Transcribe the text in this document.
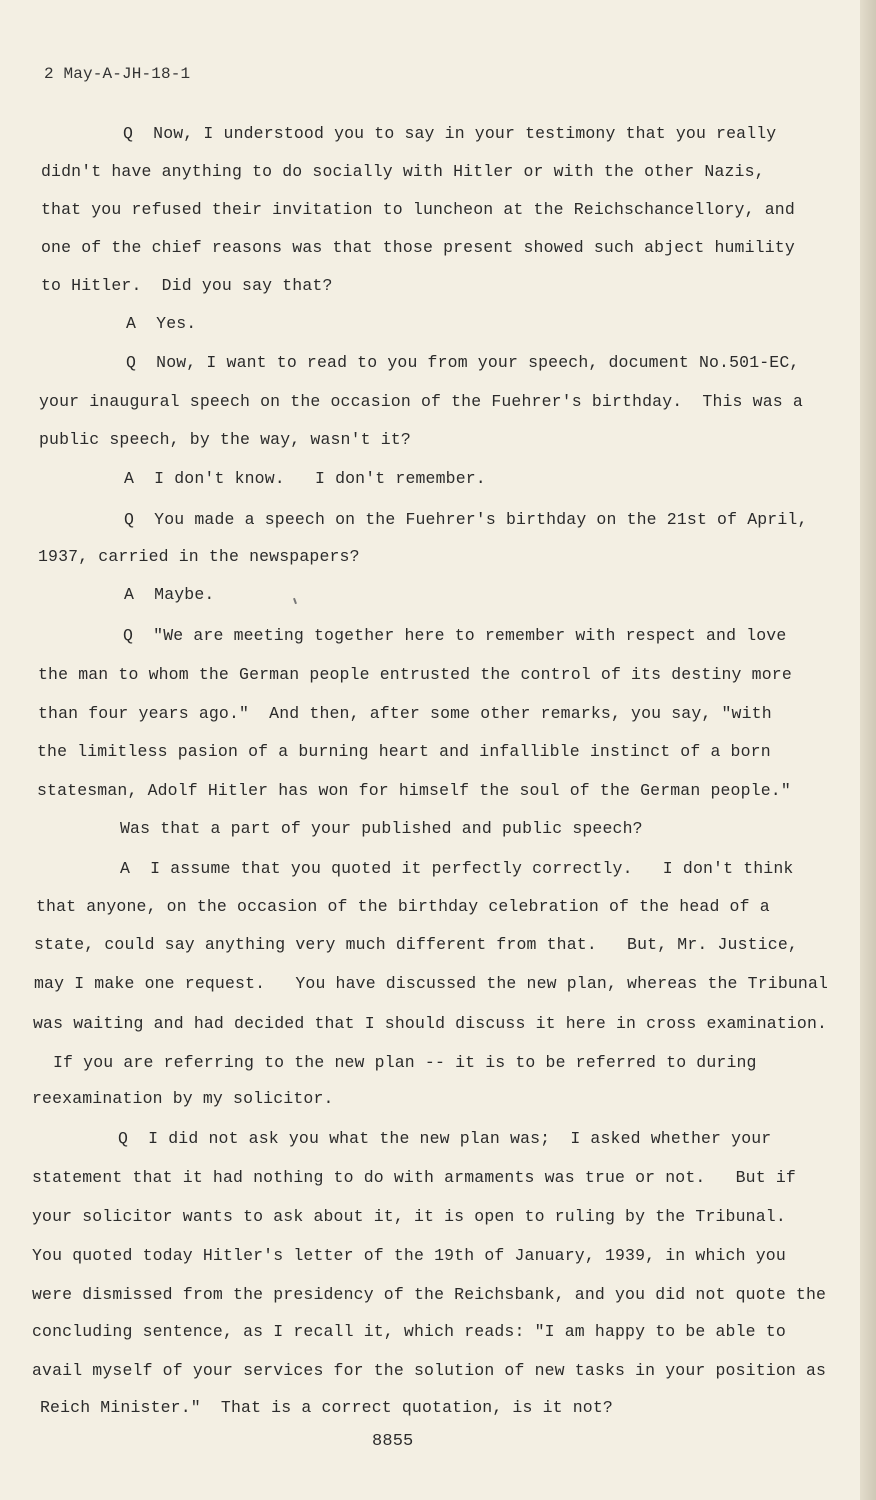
2 May-A-JH-18-1
Q  Now, I understood you to say in your testimony that you really
didn't have anything to do socially with Hitler or with the other Nazis,
that you refused their invitation to luncheon at the Reichschancellory, and
one of the chief reasons was that those present showed such abject humility
to Hitler.  Did you say that?
A  Yes.
Q  Now, I want to read to you from your speech, document No.501-EC,
your inaugural speech on the occasion of the Fuehrer's birthday.  This was a
public speech, by the way, wasn't it?
A  I don't know.   I don't remember.
Q  You made a speech on the Fuehrer's birthday on the 21st of April,
1937, carried in the newspapers?
A  Maybe.
Q  "We are meeting together here to remember with respect and love
the man to whom the German people entrusted the control of its destiny more
than four years ago."  And then, after some other remarks, you say, "with
the limitless pasion of a burning heart and infallible instinct of a born
statesman, Adolf Hitler has won for himself the soul of the German people."
Was that a part of your published and public speech?
A  I assume that you quoted it perfectly correctly.   I don't think
that anyone, on the occasion of the birthday celebration of the head of a
state, could say anything very much different from that.   But, Mr. Justice,
may I make one request.   You have discussed the new plan, whereas the Tribunal
was waiting and had decided that I should discuss it here in cross examination.
If you are referring to the new plan -- it is to be referred to during
reexamination by my solicitor.
Q  I did not ask you what the new plan was;  I asked whether your
statement that it had nothing to do with armaments was true or not.   But if
your solicitor wants to ask about it, it is open to ruling by the Tribunal.
You quoted today Hitler's letter of the 19th of January, 1939, in which you
were dismissed from the presidency of the Reichsbank, and you did not quote the
concluding sentence, as I recall it, which reads: "I am happy to be able to
avail myself of your services for the solution of new tasks in your position as
Reich Minister."  That is a correct quotation, is it not?
8855
